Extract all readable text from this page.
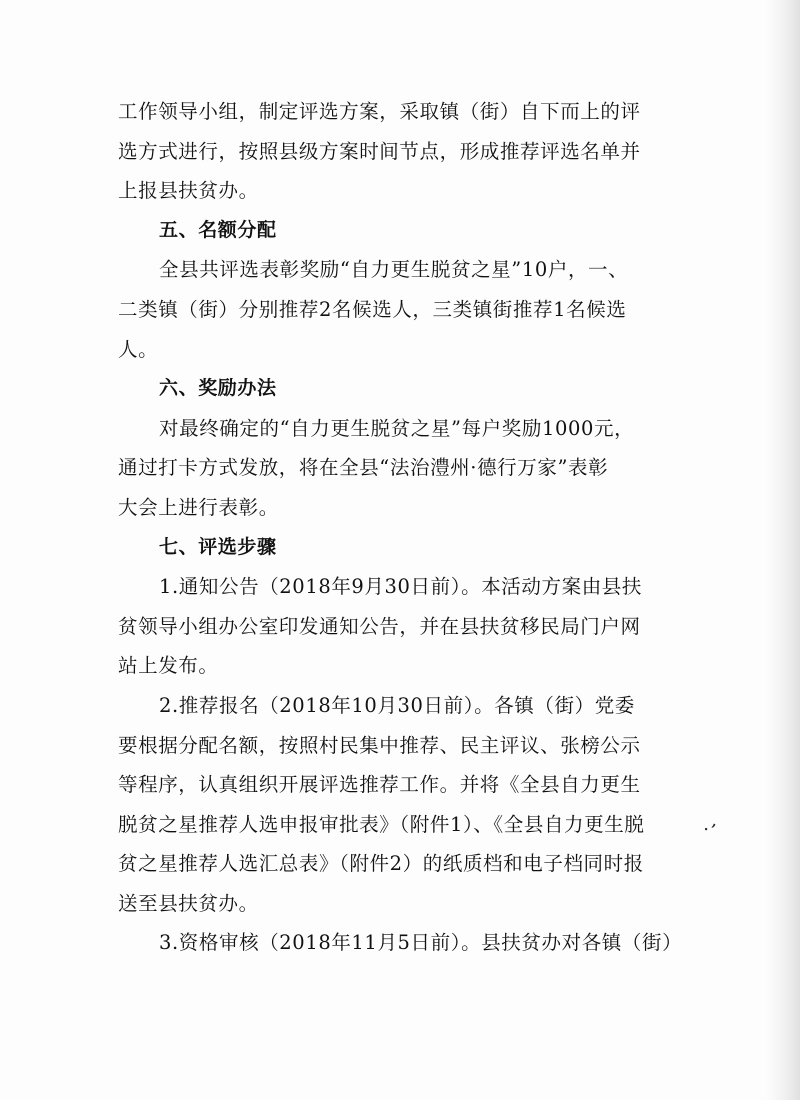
工作领导小组，制定评选方案，采取镇（街）自下而上的评
选方式进行，按照县级方案时间节点，形成推荐评选名单并
上报县扶贫办。
五、名额分配
全县共评选表彰奖励“自力更生脱贫之星”10户，一、
二类镇（街）分别推荐2名候选人，三类镇街推荐1名候选
人。
六、奖励办法
对最终确定的“自力更生脱贫之星”每户奖励1000元，
通过打卡方式发放，将在全县“法治澧州·德行万家”表彰
大会上进行表彰。
七、评选步骤
1.通知公告（2018年9月30日前）。本活动方案由县扶
贫领导小组办公室印发通知公告，并在县扶贫移民局门户网
站上发布。
2.推荐报名（2018年10月30日前）。各镇（街）党委
要根据分配名额，按照村民集中推荐、民主评议、张榜公示
等程序，认真组织开展评选推荐工作。并将《全县自力更生
脱贫之星推荐人选申报审批表》（附件1）、《全县自力更生脱
贫之星推荐人选汇总表》（附件2）的纸质档和电子档同时报
送至县扶贫办。
3.资格审核（2018年11月5日前）。县扶贫办对各镇（街）
·ʼ
